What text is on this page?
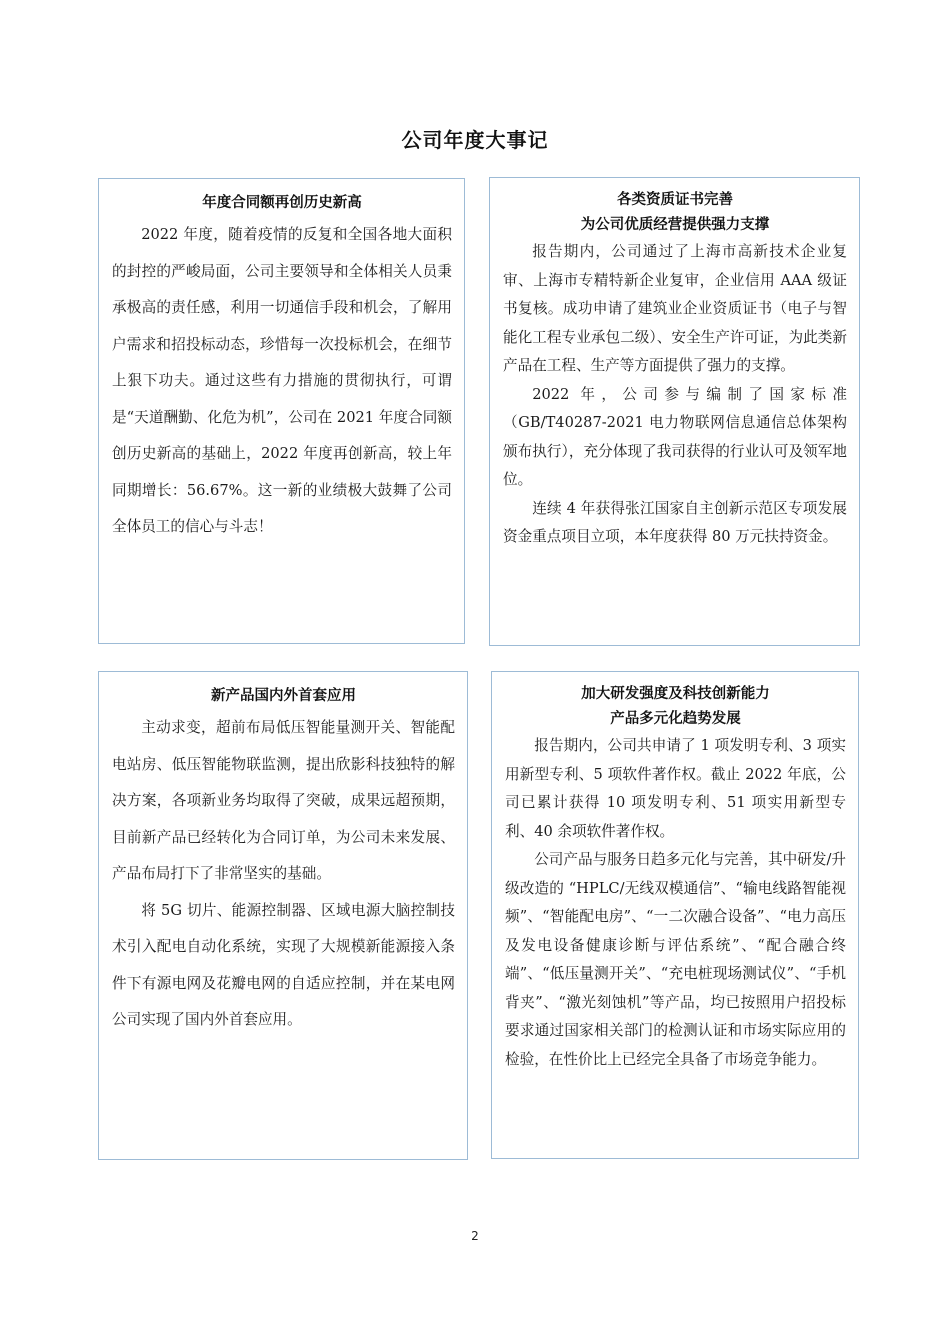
公司年度大事记
年度合同额再创历史新高

2022 年度，随着疫情的反复和全国各地大面积的封控的严峻局面，公司主要领导和全体相关人员秉承极高的责任感，利用一切通信手段和机会，了解用户需求和招投标动态，珍惜每一次投标机会，在细节上狠下功夫。通过这些有力措施的贯彻执行，可谓是“天道酬勤、化危为机”，公司在 2021 年度合同额创历史新高的基础上，2022 年度再创新高，较上年同期增长：56.67%。这一新的业绩极大鼓舞了公司全体员工的信心与斗志！

各类资质证书完善
为公司优质经营提供强力支撑

报告期内，公司通过了上海市高新技术企业复审、上海市专精特新企业复审，企业信用 AAA 级证书复核。成功申请了建筑业企业资质证书（电子与智能化工程专业承包二级）、安全生产许可证，为此类新产品在工程、生产等方面提供了强力的支撑。

2022 年，公司参与编制了国家标准（GB/T40287-2021 电力物联网信息通信总体架构颁布执行），充分体现了我司获得的行业认可及领军地位。

连续 4 年获得张江国家自主创新示范区专项发展资金重点项目立项，本年度获得 80 万元扶持资金。

新产品国内外首套应用

主动求变，超前布局低压智能量测开关、智能配电站房、低压智能物联监测，提出欣影科技独特的解决方案，各项新业务均取得了突破，成果远超预期，目前新产品已经转化为合同订单，为公司未来发展、产品布局打下了非常坚实的基础。

将 5G 切片、能源控制器、区域电源大脑控制技术引入配电自动化系统，实现了大规模新能源接入条件下有源电网及花瓣电网的自适应控制，并在某电网公司实现了国内外首套应用。

加大研发强度及科技创新能力
产品多元化趋势发展

报告期内，公司共申请了 1 项发明专利、3 项实用新型专利、5 项软件著作权。截止 2022 年底，公司已累计获得 10 项发明专利、51 项实用新型专利、40 余项软件著作权。

公司产品与服务日趋多元化与完善，其中研发/升级改造的 “HPLC/无线双模通信”、“输电线路智能视频”、“智能配电房”、“一二次融合设备”、“电力高压及发电设备健康诊断与评估系统”、“配合融合终端”、“低压量测开关”、“充电桩现场测试仪”、“手机背夹”、“激光刻蚀机”等产品，均已按照用户招投标要求通过国家相关部门的检测认证和市场实际应用的检验，在性价比上已经完全具备了市场竞争能力。

2
